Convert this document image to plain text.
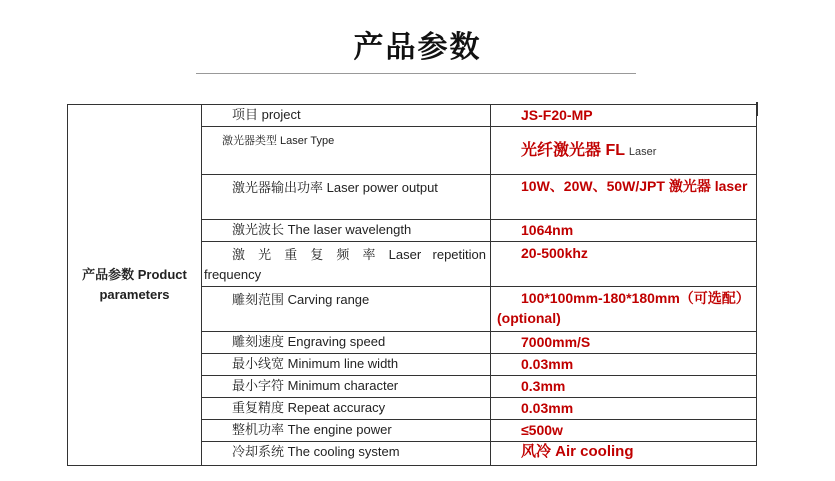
产品参数
产品参数 Product parameters	项目 project	JS-F20-MP
	激光器类型 Laser Type	光纤激光器 FL Laser
	激光器输出功率 Laser power output	10W、20W、50W/JPT 激光器 laser
	激光波长 The laser wavelength	1064nm
	激 光 重 复 频 率 Laser repetition frequency	20-500khz
	雕刻范围 Carving range	100*100mm-180*180mm（可选配）(optional)
	雕刻速度 Engraving speed	7000mm/S
	最小线宽 Minimum line width	0.03mm
	最小字符 Minimum character	0.3mm
	重复精度 Repeat accuracy	0.03mm
	整机功率 The engine power	≤500w
	冷却系统 The cooling system	风冷 Air cooling
